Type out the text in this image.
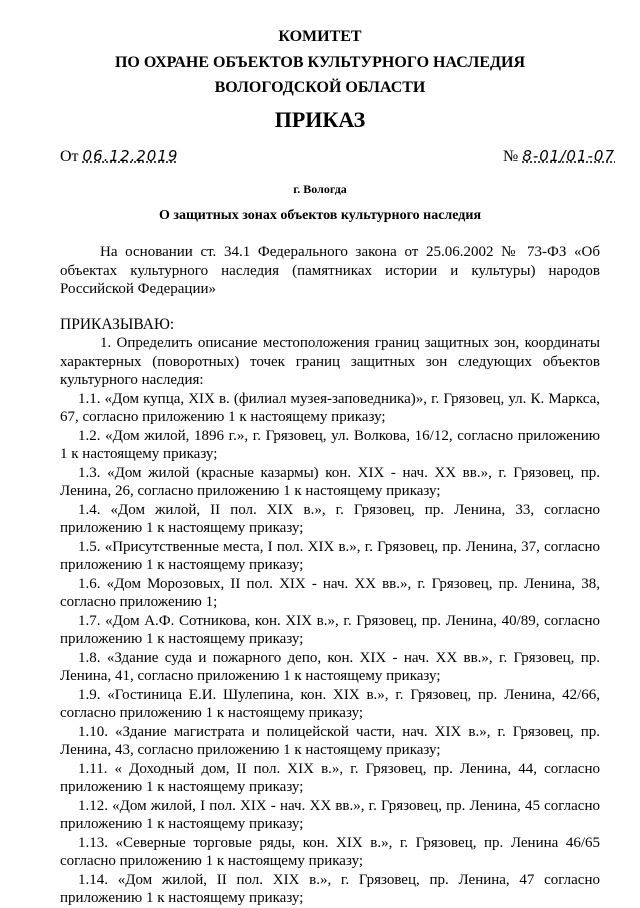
КОМИТЕТ
ПО ОХРАНЕ ОБЪЕКТОВ КУЛЬТУРНОГО НАСЛЕДИЯ
ВОЛОГОДСКОЙ ОБЛАСТИ
ПРИКАЗ
От 06.12.2019	№ 8-01/01-07
г. Вологда
О защитных зонах объектов культурного наследия

На основании ст. 34.1 Федерального закона от 25.06.2002 № 73-ФЗ «Об объектах культурного наследия (памятниках истории и культуры) народов Российской Федерации»

ПРИКАЗЫВАЮ:

1. Определить описание местоположения границ защитных зон, координаты характерных (поворотных) точек границ защитных зон следующих объектов культурного наследия:

1.1. «Дом купца, XIX в. (филиал музея-заповедника)», г. Грязовец, ул. К. Маркса, 67, согласно приложению 1 к настоящему приказу;

1.2. «Дом жилой, 1896 г.», г. Грязовец, ул. Волкова, 16/12, согласно приложению 1 к настоящему приказу;

1.3. «Дом жилой (красные казармы) кон. XIX - нач. XX вв.», г. Грязовец, пр. Ленина, 26, согласно приложению 1 к настоящему приказу;

1.4. «Дом жилой, II пол. XIX в.», г. Грязовец, пр. Ленина, 33, согласно приложению 1 к настоящему приказу;

1.5. «Присутственные места, I пол. XIX в.», г. Грязовец, пр. Ленина, 37, согласно приложению 1 к настоящему приказу;

1.6. «Дом Морозовых, II пол. XIX - нач. XX вв.», г. Грязовец, пр. Ленина, 38, согласно приложению 1;

1.7. «Дом А.Ф. Сотникова, кон. XIX в.», г. Грязовец, пр. Ленина, 40/89, согласно приложению 1 к настоящему приказу;

1.8. «Здание суда и пожарного депо, кон. XIX - нач. XX вв.», г. Грязовец, пр. Ленина, 41, согласно приложению 1 к настоящему приказу;

1.9. «Гостиница Е.И. Шулепина, кон. XIX в.», г. Грязовец, пр. Ленина, 42/66, согласно приложению 1 к настоящему приказу;

1.10. «Здание магистрата и полицейской части, нач. XIX в.», г. Грязовец, пр. Ленина, 43, согласно приложению 1 к настоящему приказу;

1.11. « Доходный дом, II пол. XIX в.», г. Грязовец, пр. Ленина, 44, согласно приложению 1 к настоящему приказу;

1.12. «Дом жилой, I пол. XIX - нач. XX вв.», г. Грязовец, пр. Ленина, 45 согласно приложению 1 к настоящему приказу;

1.13. «Северные торговые ряды, кон. XIX в.», г. Грязовец, пр. Ленина 46/65 согласно приложению 1 к настоящему приказу;

1.14. «Дом жилой, II пол. XIX в.», г. Грязовец, пр. Ленина, 47 согласно приложению 1 к настоящему приказу;
